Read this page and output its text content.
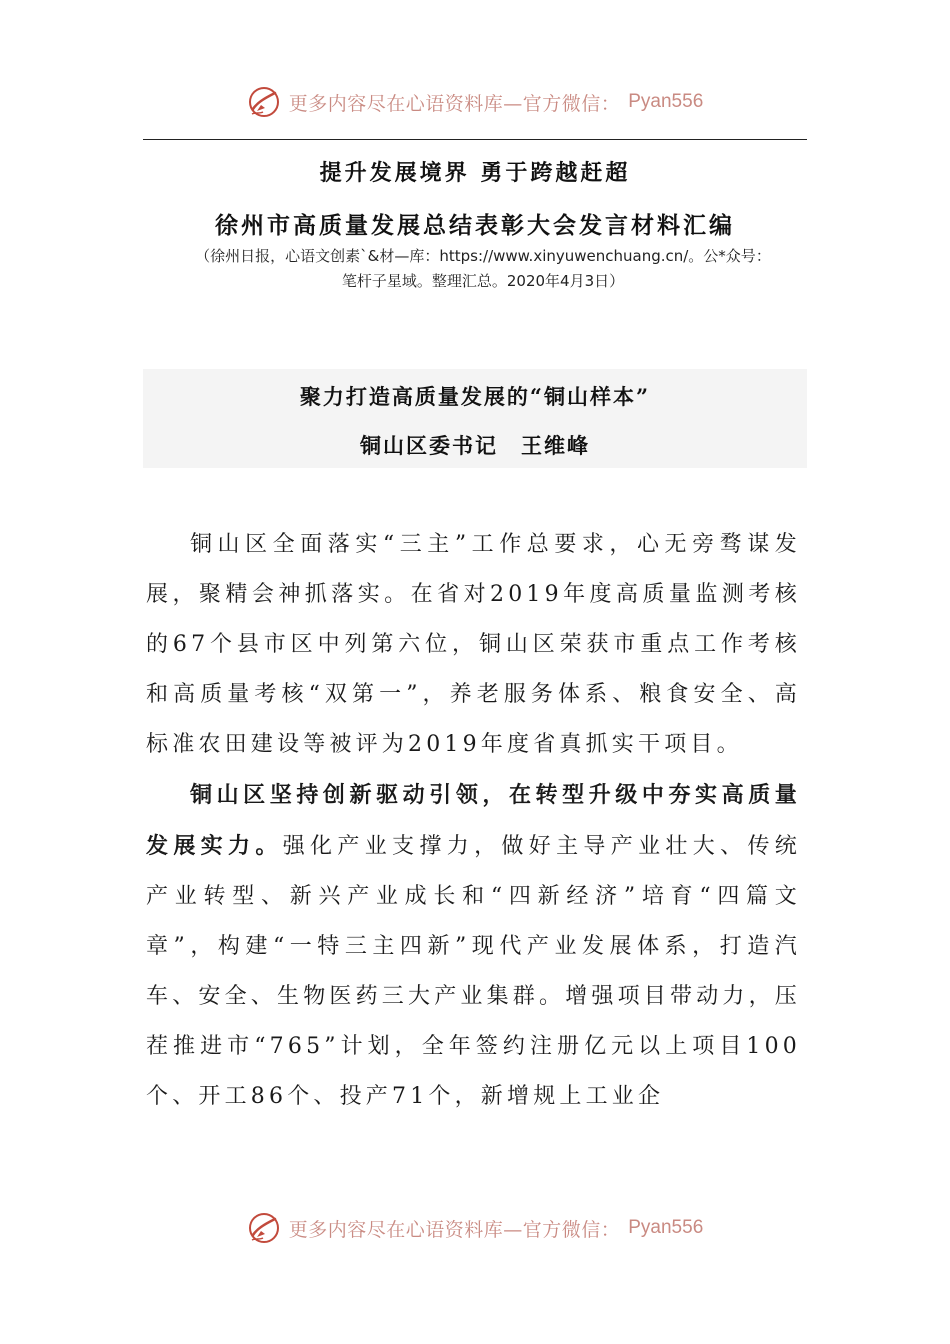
更多内容尽在心语资料库—官方微信： Pyan556
提升发展境界 勇于跨越赶超
徐州市高质量发展总结表彰大会发言材料汇编
（徐州日报，心语文创素`&材—库：https://www.xinyuwenchuang.cn/。公*众号：
笔杆子星域。整理汇总。2020年4月3日）
聚力打造高质量发展的“铜山样本”
铜山区委书记　王维峰

铜山区全面落实“三主”工作总要求，心无旁骛谋发展，聚精会神抓落实。在省对2019年度高质量监测考核的67个县市区中列第六位，铜山区荣获市重点工作考核和高质量考核“双第一”，养老服务体系、粮食安全、高标准农田建设等被评为2019年度省真抓实干项目。

铜山区坚持创新驱动引领，在转型升级中夯实高质量发展实力。强化产业支撑力，做好主导产业壮大、传统产业转型、新兴产业成长和“四新经济”培育“四篇文章”，构建“一特三主四新”现代产业发展体系，打造汽车、安全、生物医药三大产业集群。增强项目带动力，压茬推进市“765”计划，全年签约注册亿元以上项目100个、开工86个、投产71个，新增规上工业企

更多内容尽在心语资料库—官方微信： Pyan556
